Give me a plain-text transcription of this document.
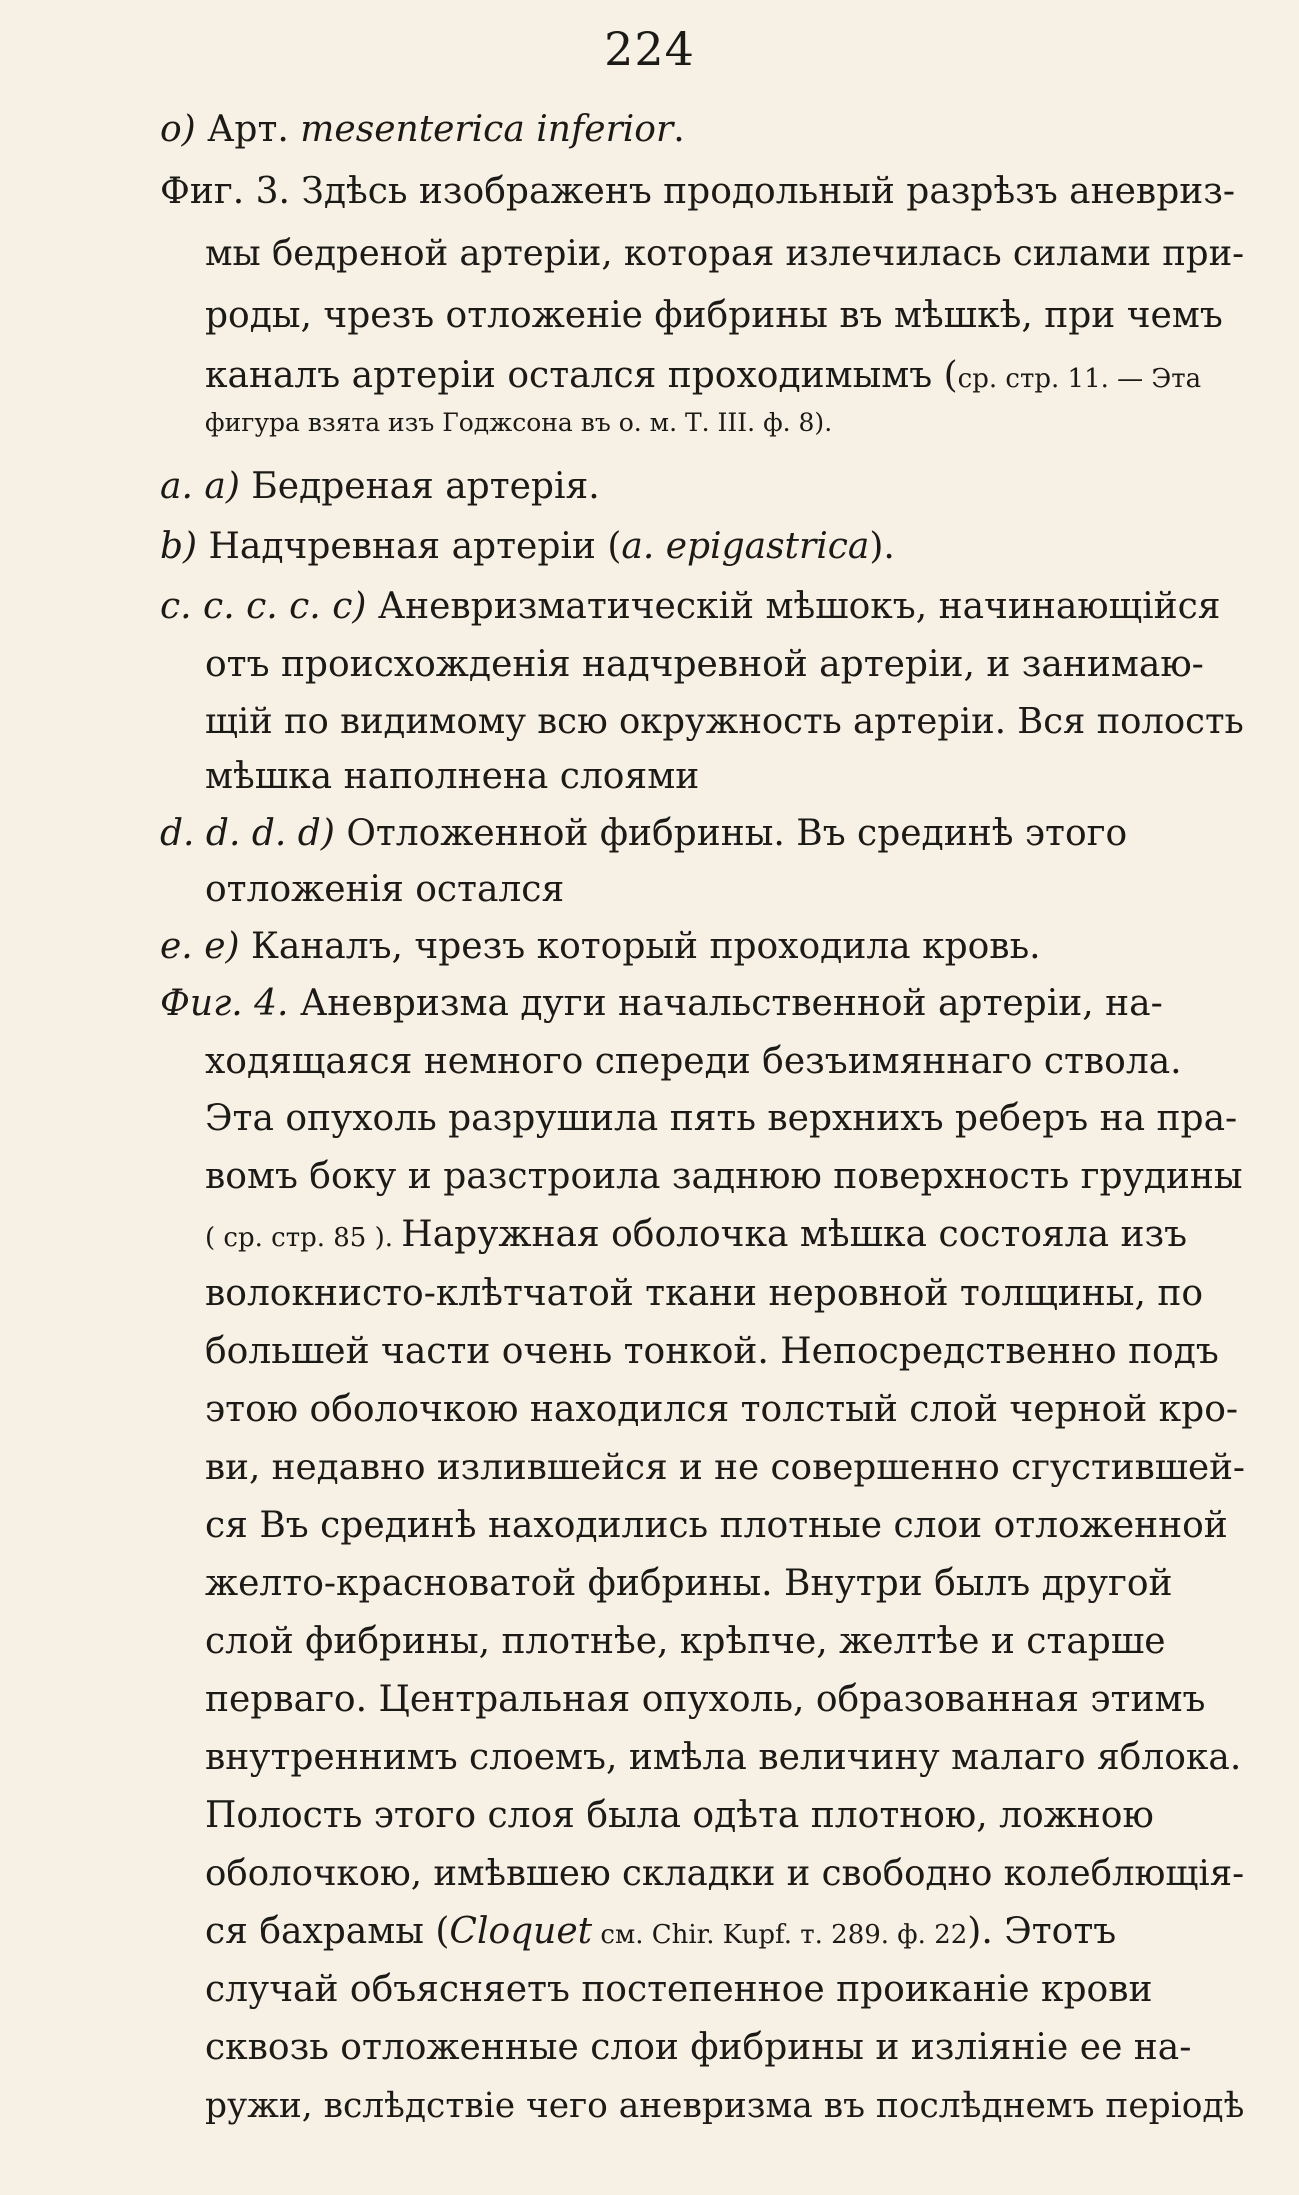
224
o) Арт. mesenterica inferior.
Фиг. 3. Здѣсь изображенъ продольный разрѣзъ аневриз-
мы бедреной артеріи, которая излечилась силами при-
роды, чрезъ отложеніе фибрины въ мѣшкѣ, при чемъ
каналъ артеріи остался проходимымъ (ср. стр. 11. — Эта
фигура взята изъ Годжсона въ о. м. Т. III. ф. 8).
a. a) Бедреная артерія.
b) Надчревная артеріи (a. epigastrica).
c. c. c. c. c) Аневризматическій мѣшокъ, начинающійся
отъ происхожденія надчревной артеріи, и занимаю-
щій по видимому всю окружность артеріи. Вся полость
мѣшка наполнена слоями
d. d. d. d) Отложенной фибрины. Въ срединѣ этого
отложенія остался
e. e) Каналъ, чрезъ который проходила кровь.
Фиг. 4. Аневризма дуги начальственной артеріи, на-
ходящаяся немного спереди безъимяннаго ствола.
Эта опухоль разрушила пять верхнихъ реберъ на пра-
вомъ боку и разстроила заднюю поверхность грудины
( ср. стр. 85 ). Наружная оболочка мѣшка состояла изъ
волокнисто-клѣтчатой ткани неровной толщины, по
большей части очень тонкой. Непосредственно подъ
этою оболочкою находился толстый слой черной кро-
ви, недавно излившейся и не совершенно сгустившей-
ся Въ срединѣ находились плотные слои отложенной
желто-красноватой фибрины. Внутри былъ другой
слой фибрины, плотнѣе, крѣпче, желтѣе и старше
перваго. Центральная опухоль, образованная этимъ
внутреннимъ слоемъ, имѣла величину малаго яблока.
Полость этого слоя была одѣта плотною, ложною
оболочкою, имѣвшею складки и свободно колеблющія-
ся бахрамы (Cloquet см. Chir. Kupf. т. 289. ф. 22). Этотъ
случай объясняетъ постепенное проиканіе крови
сквозь отложенные слои фибрины и изліяніе ее на-
ружи, вслѣдствіе чего аневризма въ послѣднемъ періодѣ
